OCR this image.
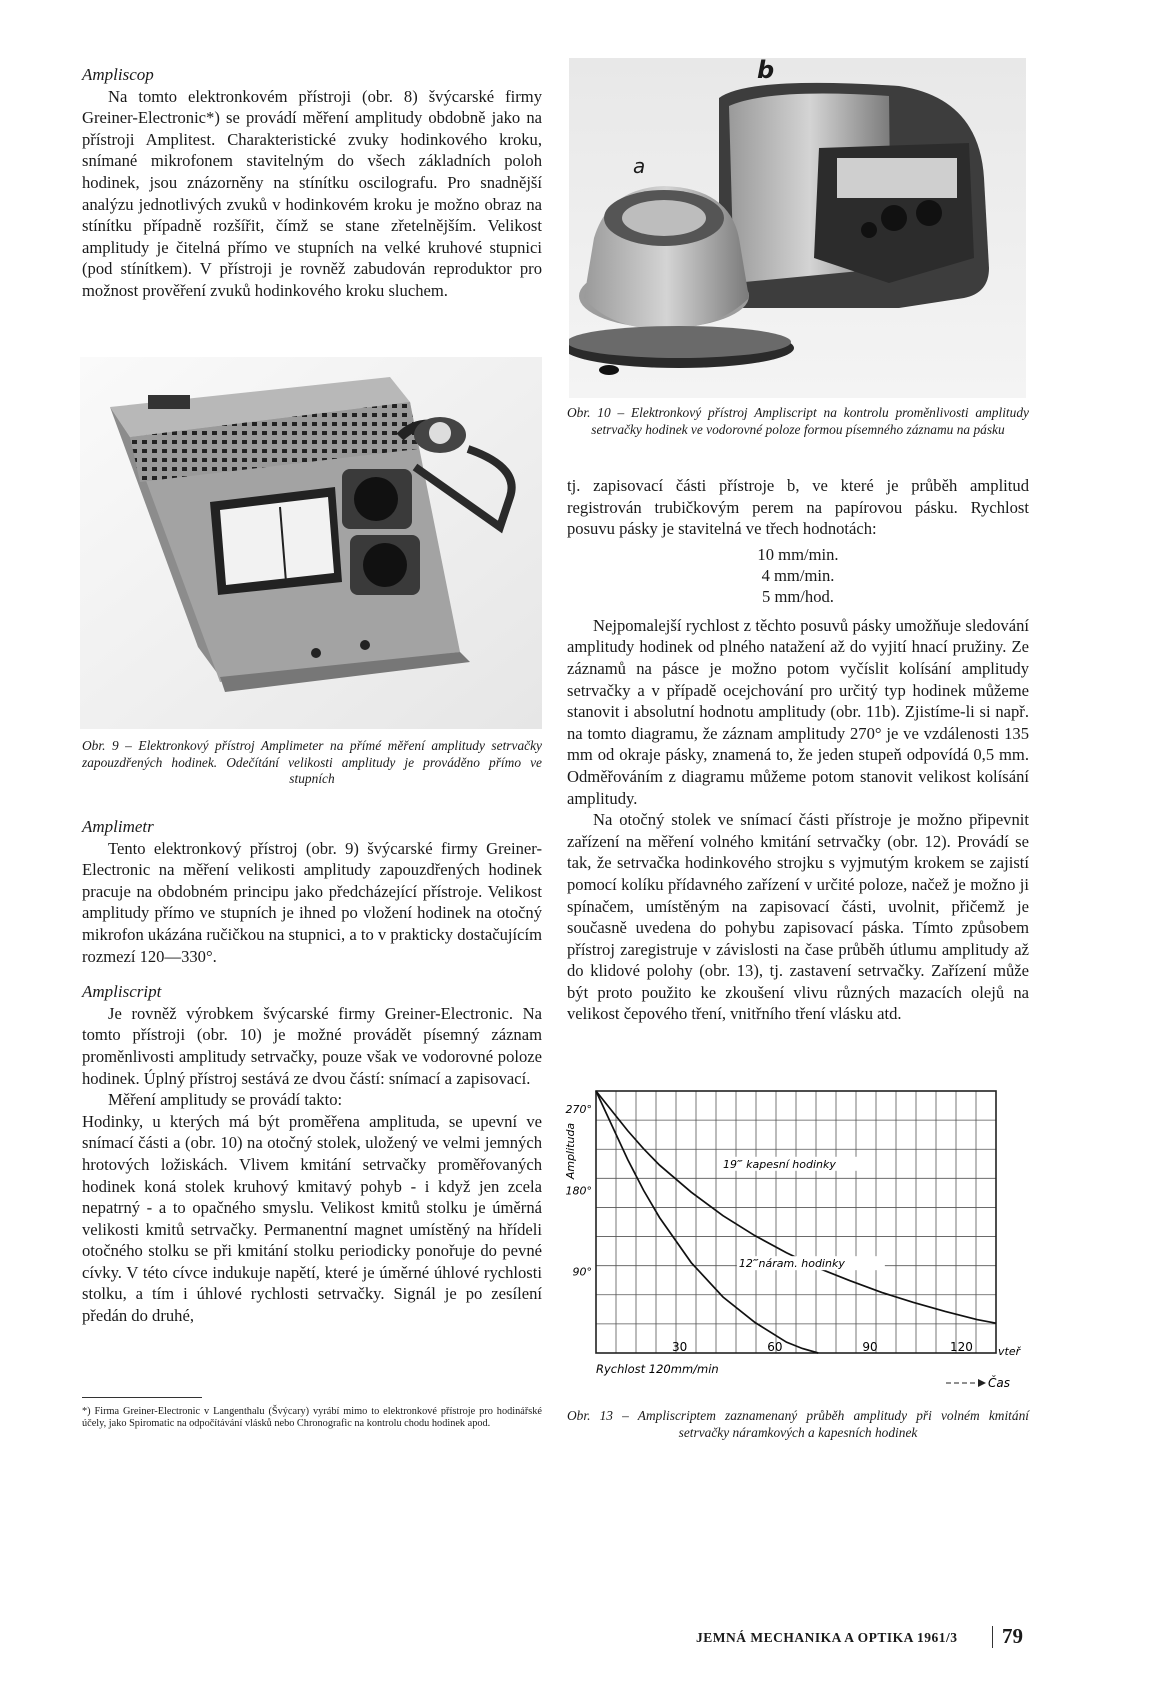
Ampliscop

Na tomto elektronkovém přístroji (obr. 8) švýcarské firmy Greiner-Electronic*) se provádí měření amplitudy obdobně jako na přístroji Amplitest. Charakteristické zvuky hodinkového kroku, snímané mikrofonem stavitelným do všech základních poloh hodinek, jsou znázorněny na stínítku oscilografu. Pro snadnější analýzu jednotlivých zvuků v hodinkovém kroku je možno obraz na stínítku případně rozšířit, čímž se stane zřetelnějším. Velikost amplitudy je čitelná přímo ve stupních na velké kruhové stupnici (pod stínítkem). V přístroji je rovněž zabudován reproduktor pro možnost prověření zvuků hodinkového kroku sluchem.

Obr. 9 – Elektronkový přístroj Amplimeter na přímé měření amplitudy setrvačky zapouzdřených hodinek. Odečítání velikosti amplitudy je prováděno přímo ve stupních

Amplimetr

Tento elektronkový přístroj (obr. 9) švýcarské firmy Greiner-Electronic na měření velikosti amplitudy zapouzdřených hodinek pracuje na obdobném principu jako předcházející přístroje. Velikost amplitudy přímo ve stupních je ihned po vložení hodinek na otočný mikrofon ukázána ručičkou na stupnici, a to v prakticky dostačujícím rozmezí 120—330°.

Ampliscript

Je rovněž výrobkem švýcarské firmy Greiner-Electronic. Na tomto přístroji (obr. 10) je možné provádět písemný záznam proměnlivosti amplitudy setrvačky, pouze však ve vodorovné poloze hodinek. Úplný přístroj sestává ze dvou částí: snímací a zapisovací.

Měření amplitudy se provádí takto:

Hodinky, u kterých má být proměřena amplituda, se upevní ve snímací části a (obr. 10) na otočný stolek, uložený ve velmi jemných hrotových ložiskách. Vlivem kmitání setrvačky proměřovaných hodinek koná stolek kruhový kmitavý pohyb - i když jen zcela nepatrný - a to opačného smyslu. Velikost kmitů stolku je úměrná velikosti kmitů setrvačky. Permanentní magnet umístěný na hřídeli otočného stolku se při kmitání stolku periodicky ponořuje do pevné cívky. V této cívce indukuje napětí, které je úměrné úhlové rychlosti stolku, a tím i úhlové rychlosti setrvačky. Signál je po zesílení předán do druhé,

*) Firma Greiner-Electronic v Langenthalu (Švýcary) vyrábí mimo to elektronkové přístroje pro hodinářské účely, jako Spiromatic na odpočítávání vlásků nebo Chronografic na kontrolu chodu hodinek apod.
a
b
Obr. 10 – Elektronkový přístroj Ampliscript na kontrolu proměnlivosti amplitudy setrvačky hodinek ve vodorovné poloze formou písemného záznamu na pásku

tj. zapisovací části přístroje b, ve které je průběh amplitud registrován trubičkovým perem na papírovou pásku. Rychlost posuvu pásky je stavitelná ve třech hodnotách:

10 mm/min.
4 mm/min.
5 mm/hod.

Nejpomalejší rychlost z těchto posuvů pásky umožňuje sledování amplitudy hodinek od plného natažení až do vyjití hnací pružiny. Ze záznamů na pásce je možno potom vyčíslit kolísání amplitudy setrvačky a v případě ocejchování pro určitý typ hodinek můžeme stanovit i absolutní hodnotu amplitudy (obr. 11b). Zjistíme-li si např. na tomto diagramu, že záznam amplitudy 270° je ve vzdálenosti 135 mm od okraje pásky, znamená to, že jeden stupeň odpovídá 0,5 mm. Odměřováním z diagramu můžeme potom stanovit velikost kolísání amplitudy.

Na otočný stolek ve snímací části přístroje je možno připevnit zařízení na měření volného kmitání setrvačky (obr. 12). Provádí se tak, že setrvačka hodinkového strojku s vyjmutým krokem se zajistí pomocí kolíku přídavného zařízení v určité poloze, načež je možno ji spínačem, umístěným na zapisovací části, uvolnit, přičemž je současně uvedena do pohybu zapisovací páska. Tímto způsobem přístroj zaregistruje v závislosti na čase průběh útlumu amplitudy až do klidové polohy (obr. 13), tj. zastavení setrvačky. Zařízení může být proto použito ke zkoušení vlivu různých mazacích olejů na velikost čepového tření, vnitřního tření vlásku atd.

270°
180°
90°
30	60	90	120
Amplituda
vteř
Rychlost 120mm/min
Čas
19‴ kapesní hodinky
12‴náram. hodinky
Obr. 13 – Ampliscriptem zaznamenaný průběh amplitudy při volném kmitání setrvačky náramkových a kapesních hodinek
JEMNÁ MECHANIKA A OPTIKA 1961/3 79
